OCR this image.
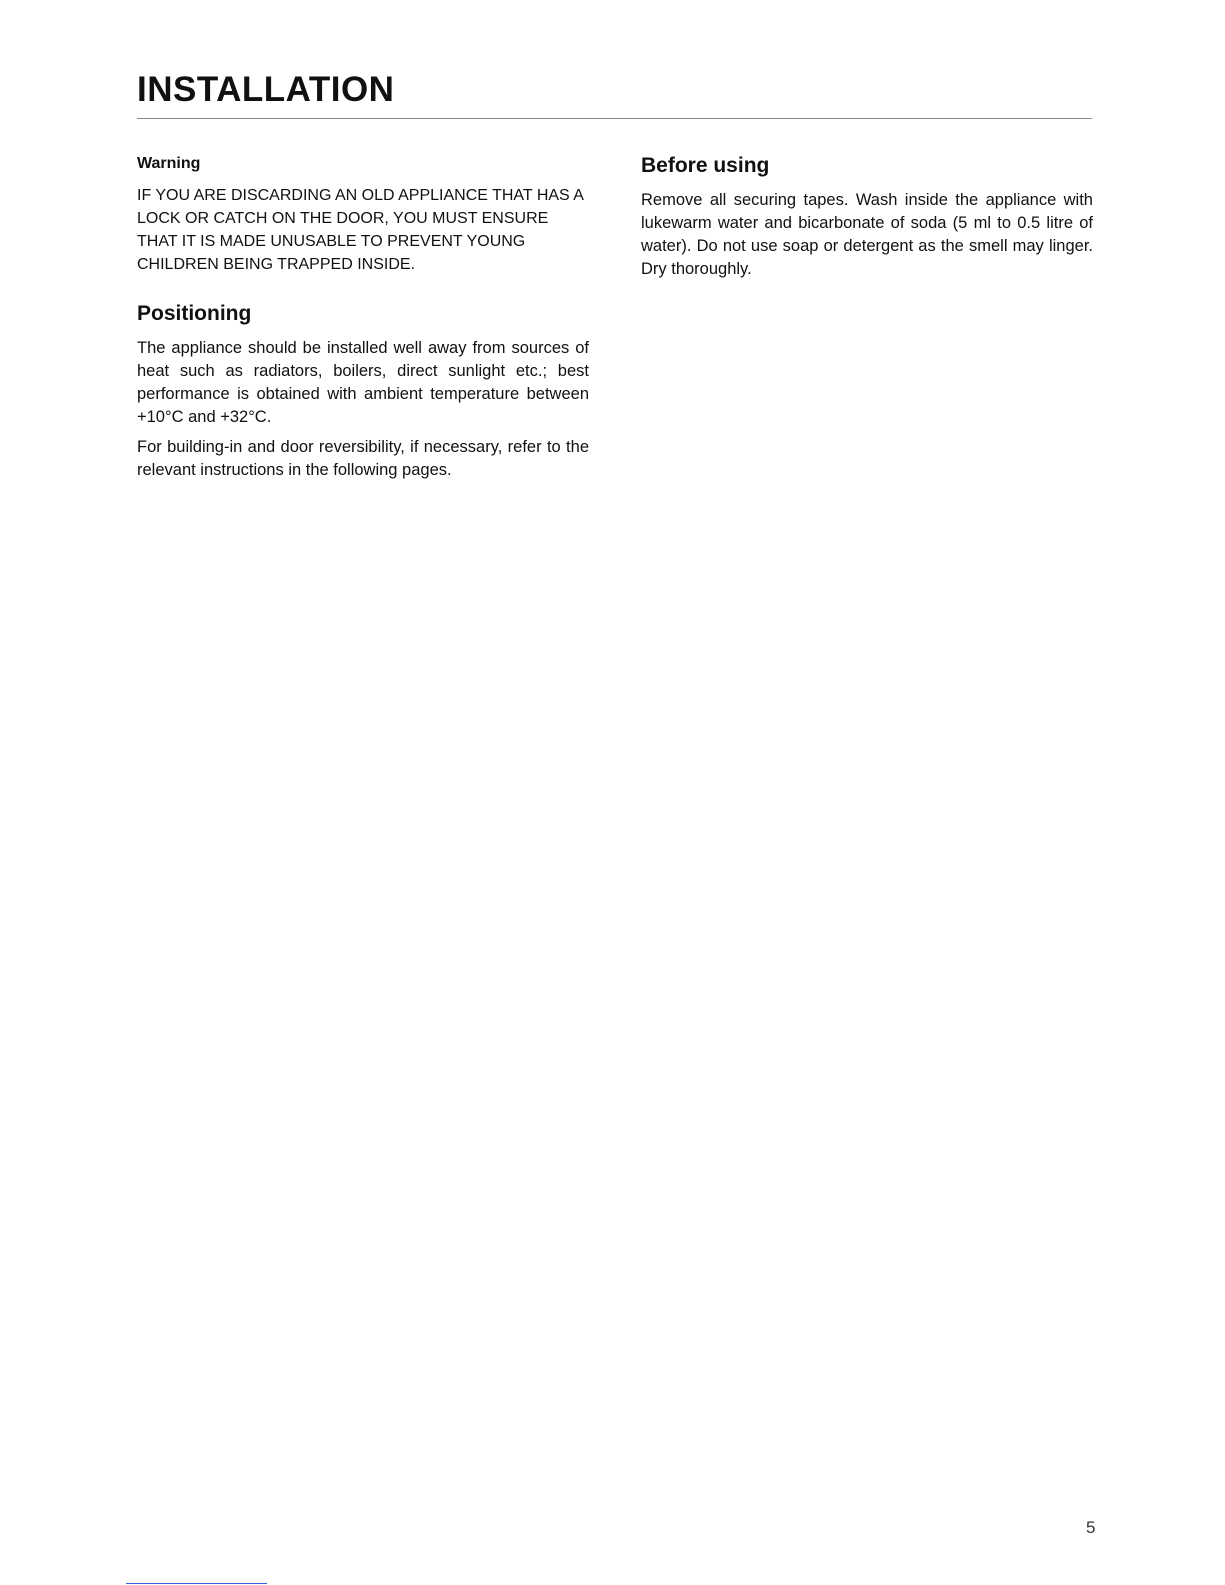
INSTALLATION
Warning

IF YOU ARE DISCARDING AN OLD APPLIANCE THAT HAS A LOCK OR CATCH ON THE DOOR, YOU MUST ENSURE THAT IT IS MADE UNUSABLE TO PREVENT YOUNG CHILDREN BEING TRAPPED INSIDE.

Positioning

The appliance should be installed well away from sources of heat such as radiators, boilers, direct sunlight etc.; best performance is obtained with ambient temperature between +10°C and +32°C.

For building-in and door reversibility, if necessary, refer to the relevant instructions in the following pages.

Before using

Remove all securing tapes. Wash inside the appliance with lukewarm water and bicarbonate of soda (5 ml to 0.5 litre of water). Do not use soap or detergent as the smell may linger. Dry thoroughly.

5
